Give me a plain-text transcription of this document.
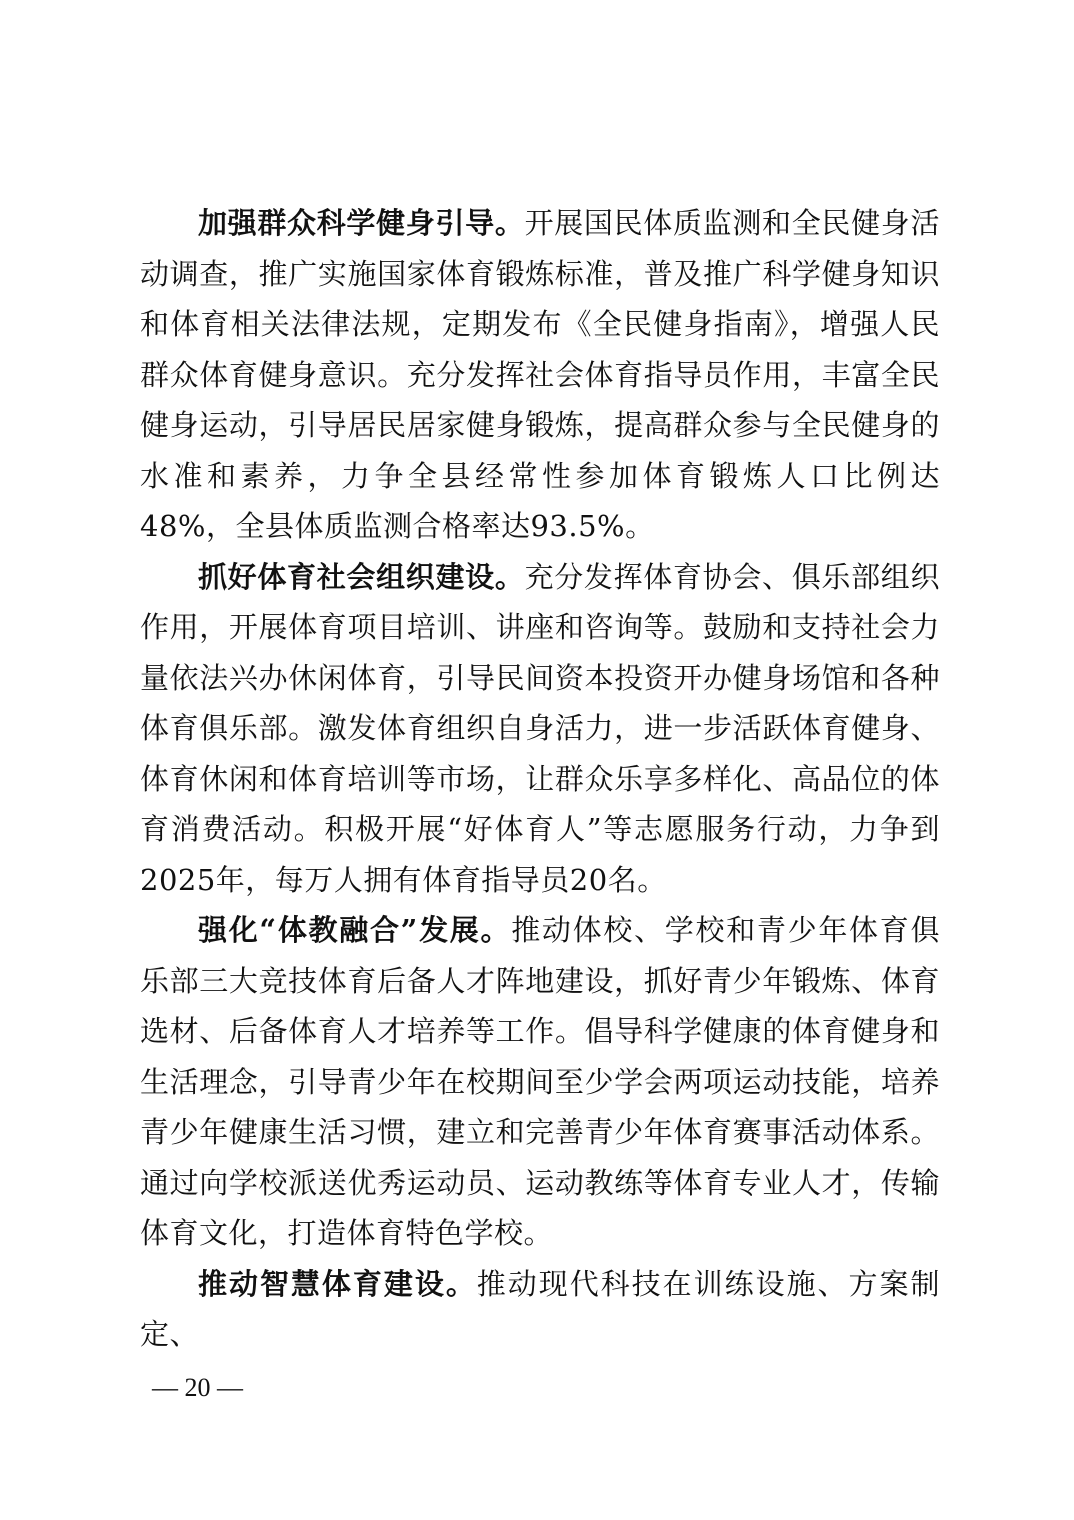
加强群众科学健身引导。开展国民体质监测和全民健身活动调查，推广实施国家体育锻炼标准，普及推广科学健身知识和体育相关法律法规，定期发布《全民健身指南》，增强人民群众体育健身意识。充分发挥社会体育指导员作用，丰富全民健身运动，引导居民居家健身锻炼，提高群众参与全民健身的水准和素养，力争全县经常性参加体育锻炼人口比例达48%，全县体质监测合格率达93.5%。

抓好体育社会组织建设。充分发挥体育协会、俱乐部组织作用，开展体育项目培训、讲座和咨询等。鼓励和支持社会力量依法兴办休闲体育，引导民间资本投资开办健身场馆和各种体育俱乐部。激发体育组织自身活力，进一步活跃体育健身、体育休闲和体育培训等市场，让群众乐享多样化、高品位的体育消费活动。积极开展“好体育人”等志愿服务行动，力争到2025年，每万人拥有体育指导员20名。

强化“体教融合”发展。推动体校、学校和青少年体育俱乐部三大竞技体育后备人才阵地建设，抓好青少年锻炼、体育选材、后备体育人才培养等工作。倡导科学健康的体育健身和生活理念，引导青少年在校期间至少学会两项运动技能，培养青少年健康生活习惯，建立和完善青少年体育赛事活动体系。通过向学校派送优秀运动员、运动教练等体育专业人才，传输体育文化，打造体育特色学校。

推动智慧体育建设。推动现代科技在训练设施、方案制定、

— 20 —
